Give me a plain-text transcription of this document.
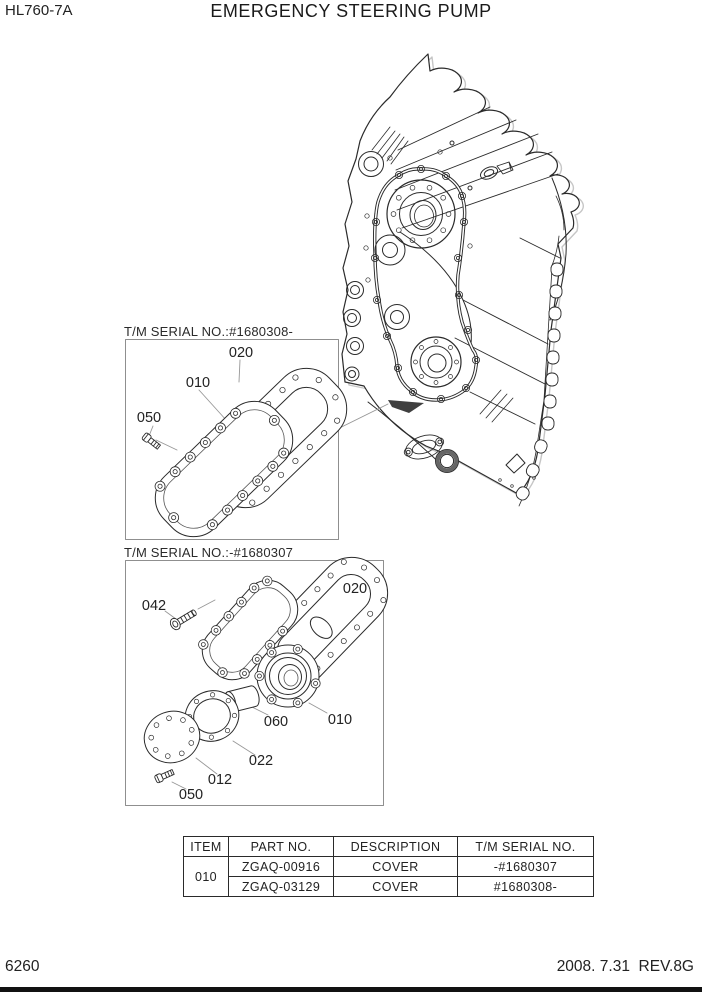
HL760-7A	EMERGENCY STEERING PUMP
T/M SERIAL NO.:#1680308-
T/M SERIAL NO.:-#1680307
020
010
050
042
020
060	010
022
012
050
ITEM	PART NO.	DESCRIPTION	T/M SERIAL NO.
010	ZGAQ-00916	COVER	-#1680307
	ZGAQ-03129	COVER	#1680308-
6260	2008. 7.31  REV.8G
